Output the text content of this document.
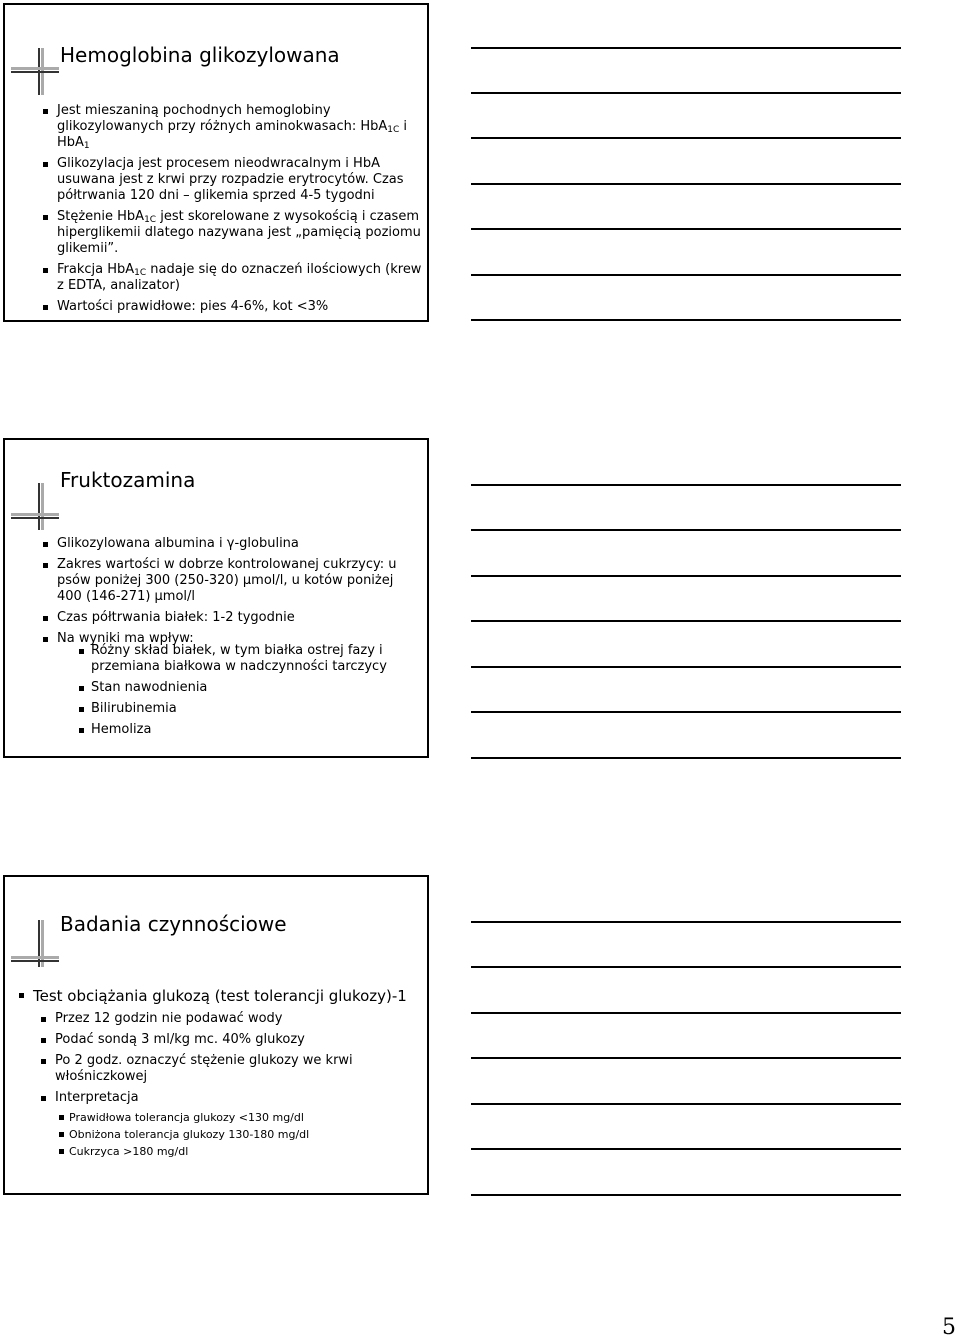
Hemoglobina glikozylowana
Jest mieszaniną pochodnych hemoglobiny glikozylowanych przy różnych aminokwasach: HbA$_{1C}$ i HbA$_1$
Glikozylacja jest procesem nieodwracalnym i HbA usuwana jest z krwi przy rozpadzie erytrocytów. Czas półtrwania 120 dni – glikemia sprzed 4-5 tygodni
Stężenie HbA$_{1C}$ jest skorelowane z wysokością i czasem hiperglikemii dlatego nazywana jest „pamięcią poziomu glikemii”.
Frakcja HbA$_{1C}$ nadaje się do oznaczeń ilościowych (krew z EDTA, analizator)
Wartości prawidłowe: pies 4-6%, kot <3%
Fruktozamina
Glikozylowana albumina i γ-globulina
Zakres wartości w dobrze kontrolowanej cukrzycy: u psów poniżej 300 (250-320) μmol/l, u kotów poniżej 400 (146-271) μmol/l
Czas półtrwania białek: 1-2 tygodnie
Na wyniki ma wpływ:
Różny skład białek, w tym białka ostrej fazy i przemiana białkowa w nadczynności tarczycy
Stan nawodnienia
Bilirubinemia
Hemoliza
Badania czynnościowe
Test obciążania glukozą (test tolerancji glukozy)-1
Przez 12 godzin nie podawać wody
Podać sondą 3 ml/kg mc. 40% glukozy
Po 2 godz. oznaczyć stężenie glukozy we krwi włośniczkowej
Interpretacja
Prawidłowa tolerancja glukozy <130 mg/dl
Obniżona tolerancja glukozy 130-180 mg/dl
Cukrzyca >180 mg/dl
5
